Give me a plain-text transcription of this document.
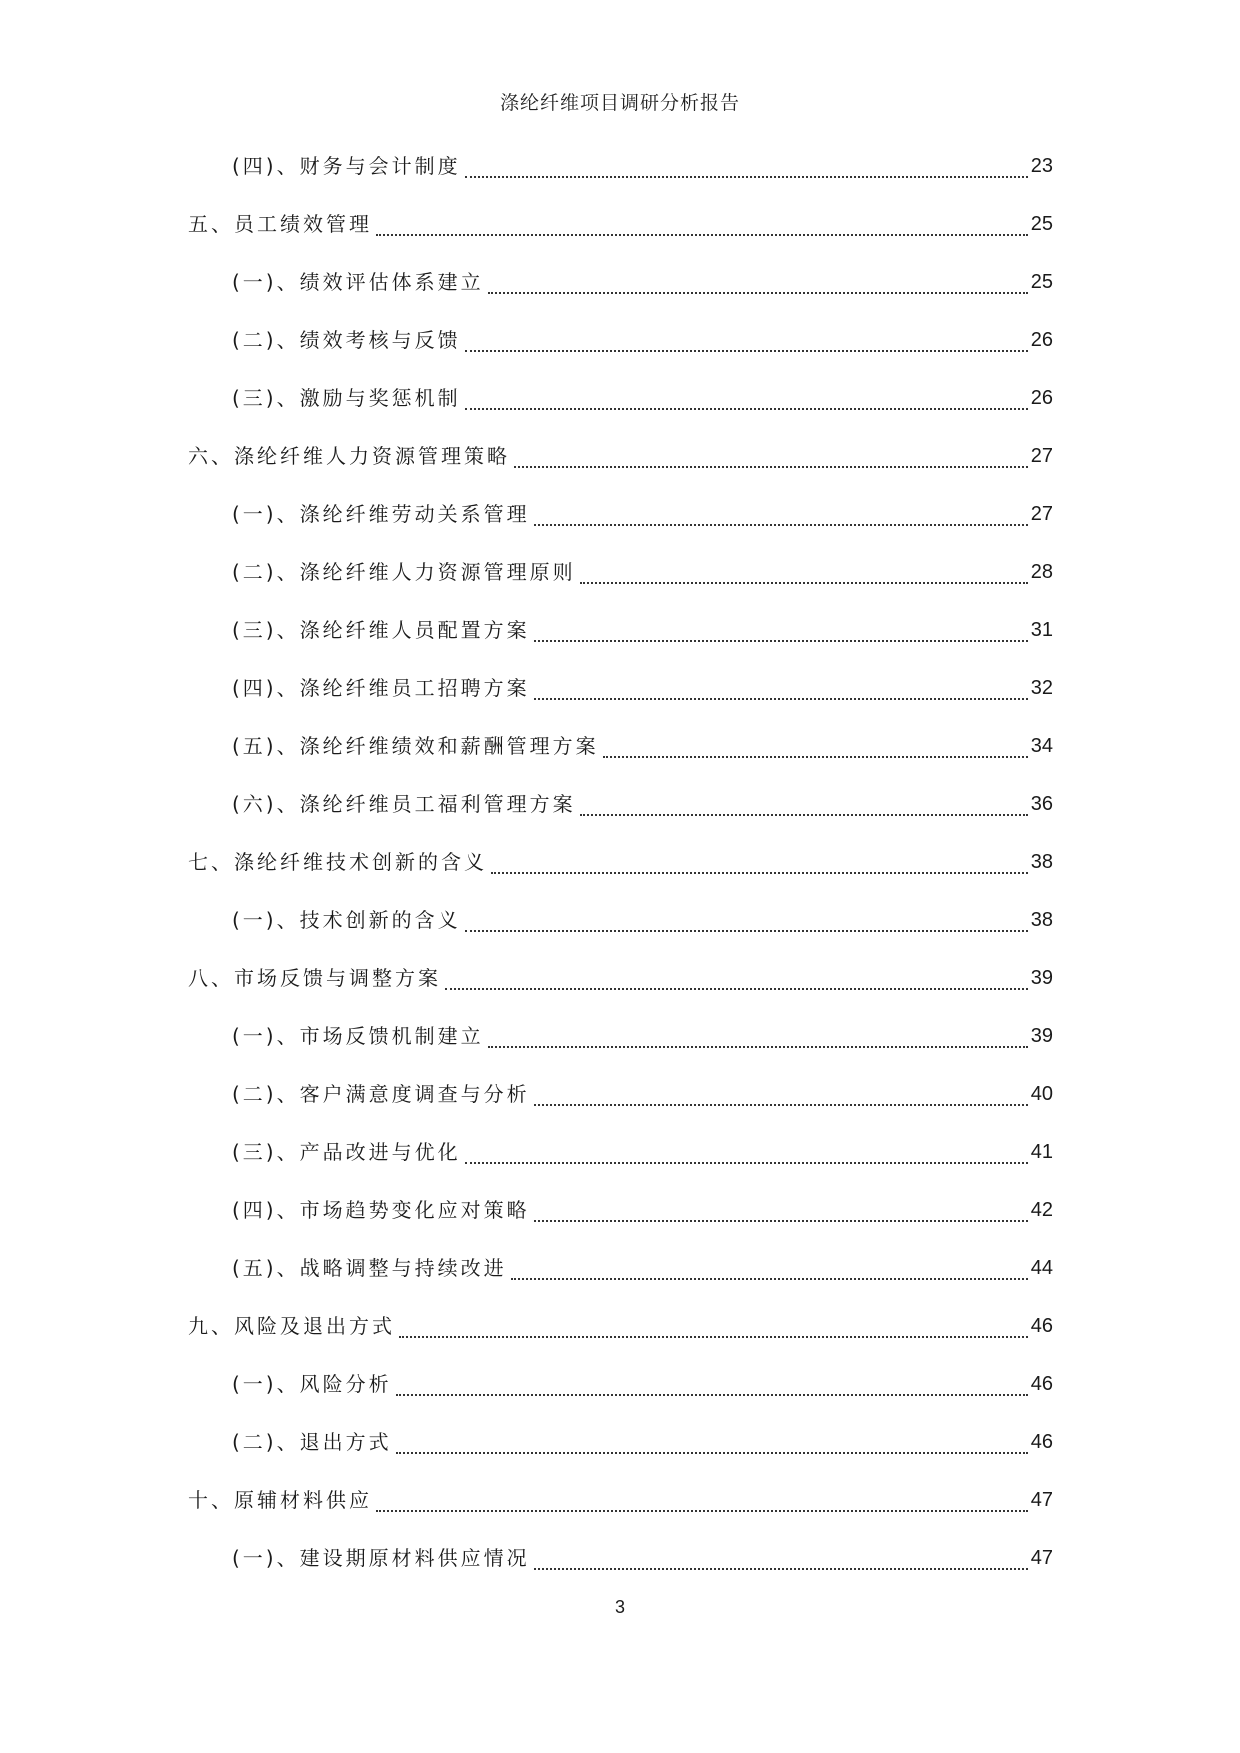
涤纶纤维项目调研分析报告
(四)、财务与会计制度	23
五、员工绩效管理	25
(一)、绩效评估体系建立	25
(二)、绩效考核与反馈	26
(三)、激励与奖惩机制	26
六、涤纶纤维人力资源管理策略	27
(一)、涤纶纤维劳动关系管理	27
(二)、涤纶纤维人力资源管理原则	28
(三)、涤纶纤维人员配置方案	31
(四)、涤纶纤维员工招聘方案	32
(五)、涤纶纤维绩效和薪酬管理方案	34
(六)、涤纶纤维员工福利管理方案	36
七、涤纶纤维技术创新的含义	38
(一)、技术创新的含义	38
八、市场反馈与调整方案	39
(一)、市场反馈机制建立	39
(二)、客户满意度调查与分析	40
(三)、产品改进与优化	41
(四)、市场趋势变化应对策略	42
(五)、战略调整与持续改进	44
九、风险及退出方式	46
(一)、风险分析	46
(二)、退出方式	46
十、原辅材料供应	47
(一)、建设期原材料供应情况	47
3
